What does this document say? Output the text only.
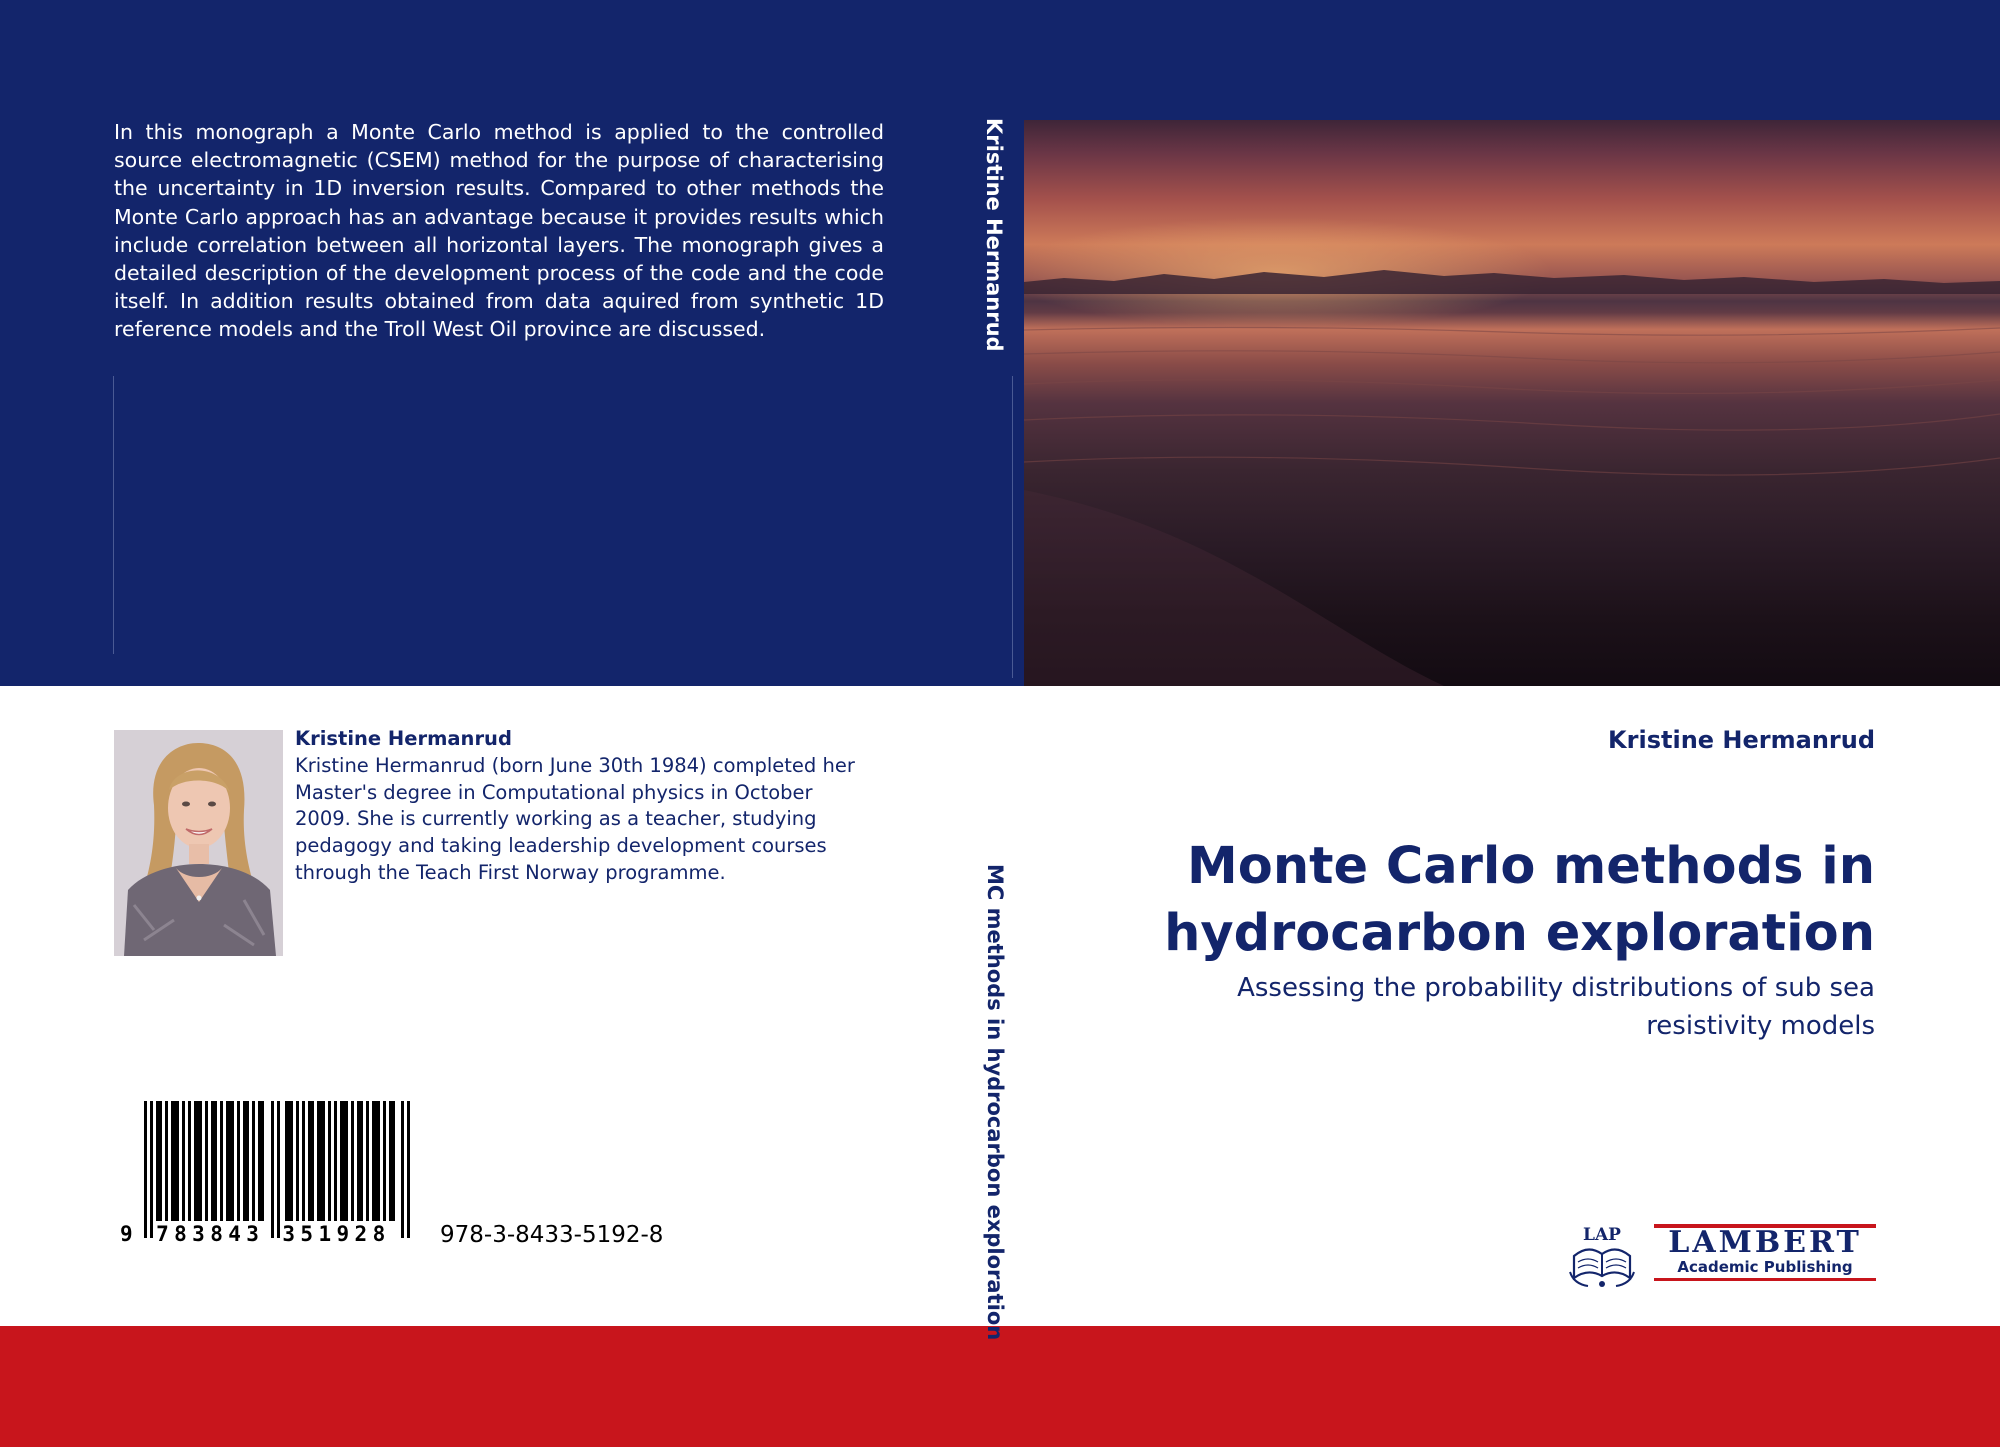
In this monograph a Monte Carlo method is applied to the controlled source electromagnetic (CSEM) method for the purpose of characterising the uncertainty in 1D inversion results. Compared to other methods the Monte Carlo approach has an advantage because it provides results which include correlation between all horizontal layers. The monograph gives a detailed description of the development process of the code and the code itself. In addition results obtained from data aquired from synthetic 1D reference models and the Troll West Oil province are discussed.

Kristine Hermanrud

Kristine Hermanrud (born June 30th 1984) completed her Master's degree in Computational physics in October 2009. She is currently working as a teacher, studying pedagogy and taking leadership development courses through the Teach First Norway programme.

9 783843 351928	978-3-8433-5192-8
Kristine Hermanrud
MC methods in hydrocarbon exploration

Kristine Hermanrud

Monte Carlo methods in hydrocarbon exploration

Assessing the probability distributions of sub sea resistivity models

LAP LAMBERT
Academic Publishing
